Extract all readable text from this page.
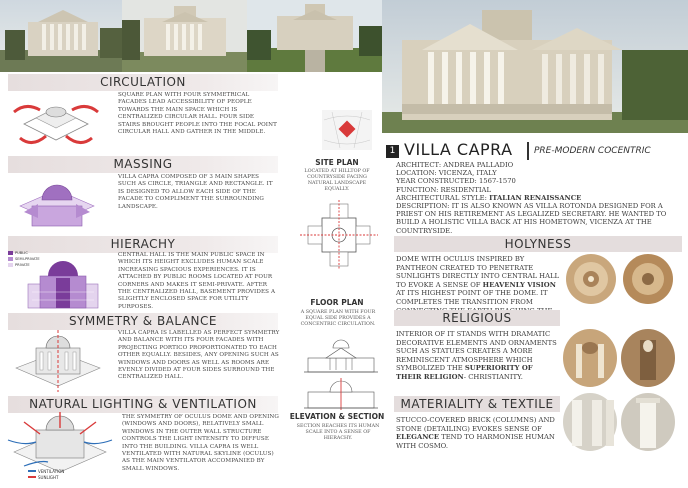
CIRCULATION
SQUARE PLAN WITH FOUR SYMMETRICAL FACADES LEAD ACCESSIBILITY OF PEOPLE TOWARDS THE MAIN SPACE WHICH IS CENTRALIZED CIRCULAR HALL. FOUR SIDE STAIRS BROUGHT PEOPLE INTO THE FOCAL POINT CIRCULAR HALL AND GATHER IN THE MIDDLE.
MASSING
VILLA CAPRA COMPOSED OF 3 MAIN SHAPES SUCH AS CIRCLE, TRIANGLE AND RECTANGLE. IT IS DESIGNED TO ALLOW EACH SIDE OF THE FACADE TO COMPLIMENT THE SURROUNDING LANDSCAPE.
HIERACHY
PUBLIC
SEMI-PRIVATE
PRIVATE
CENTRAL HALL IS THE MAIN PUBLIC SPACE IN WHICH ITS HEIGHT EXCLUDES HUMAN SCALE INCREASING SPACIOUS EXPERIENCES. IT IS ATTACHED BY PUBLIC ROOMS LOCATED AT FOUR CORNERS AND MAKES IT SEMI-PRIVATE. AFTER THE CENTRALIZED HALL, BASEMENT PROVIDES A SLIGHTLY ENCLOSED SPACE FOR UTILITY PURPOSES.
SYMMETRY & BALANCE
VILLA CAPRA IS LABELLED AS PERFECT SYMMETRY AND BALANCE WITH ITS FOUR FACADES WITH PROJECTING PORTICO PROPORTIONATED TO EACH OTHER EQUALLY. BESIDES, ANY OPENING SUCH AS WINDOWS AND DOORS AS WELL AS ROOMS ARE EVENLY DIVIDED AT FOUR SIDES SURROUND THE CENTRALIZED HALL.
NATURAL LIGHTING & VENTILATION
VENTILATION
SUNLIGHT
THE SYMMETRY OF OCULUS DOME AND OPENING (WINDOWS AND DOORS), RELATIVELY SMALL WINDOWS IN THE OUTER WALL STRUCTURE CONTROLS THE LIGHT INTENSITY TO DIFFUSE INTO THE BUILDING. VILLA CAPRA IS WELL VENTILATED WITH NATURAL SKYLINE (OCULUS) AS THE MAIN VENTILATOR ACCOMPANIED BY SMALL WINDOWS.
SITE PLAN
LOCATED AT HILLTOP OF COUNTRYSIDE FACING NATURAL LANDSCAPE EQUALLY.
FLOOR PLAN
A SQUARE PLAN WITH FOUR EQUAL SIDE PROVIDES A CONCENTRIC CIRCULATION.
ELEVATION & SECTION
SECTION REACHES ITS HUMAN SCALE INTO A SENSE OF HIERACHY.
1 VILLA CAPRA PRE-MODERN COCENTRIC
ARCHITECT: ANDREA PALLADIO
LOCATION: VICENZA, ITALY
YEAR CONSTRUCTED: 1567-1570
FUNCTION: RESIDENTIAL
ARCHITECTURAL STYLE: ITALIAN RENAISSANCE
DESCRIPTION: IT IS ALSO KNOWN AS VILLA ROTONDA DESIGNED FOR A PRIEST ON HIS RETIREMENT AS LEGALIZED SECRETARY. HE WANTED TO BUILD A HOLISTIC VILLA BACK AT HIS HOMETOWN, VICENZA AT THE COUNTRYSIDE.
HOLYNESS
DOME WITH OCULUS INSPIRED BY PANTHEON CREATED TO PENETRATE SUNLIGHTS DIRECTLY INTO CENTRAL HALL TO EVOKE A SENSE OF HEAVENLY VISION AT ITS HIGHEST POINT OF THE DOME. IT COMPLETES THE TRANSITION FROM
RELIGIOUS
INTERIOR OF IT STANDS WITH DRAMATIC DECORATIVE ELEMENTS AND ORNAMENTS SUCH AS STATUES CREATES A MORE REMINISCENT ATMOSPHERE WHICH SYMBOLIZED THE SUPERIORITY OF THEIR RELIGION- CHRISTIANITY.
MATERIALITY & TEXTILE
STUCCO-COVERED BRICK (COLUMNS) AND STONE (DETAILING) EVOKES SENSE OF ELEGANCE TEND TO HARMONISE HUMAN WITH COSMO.
